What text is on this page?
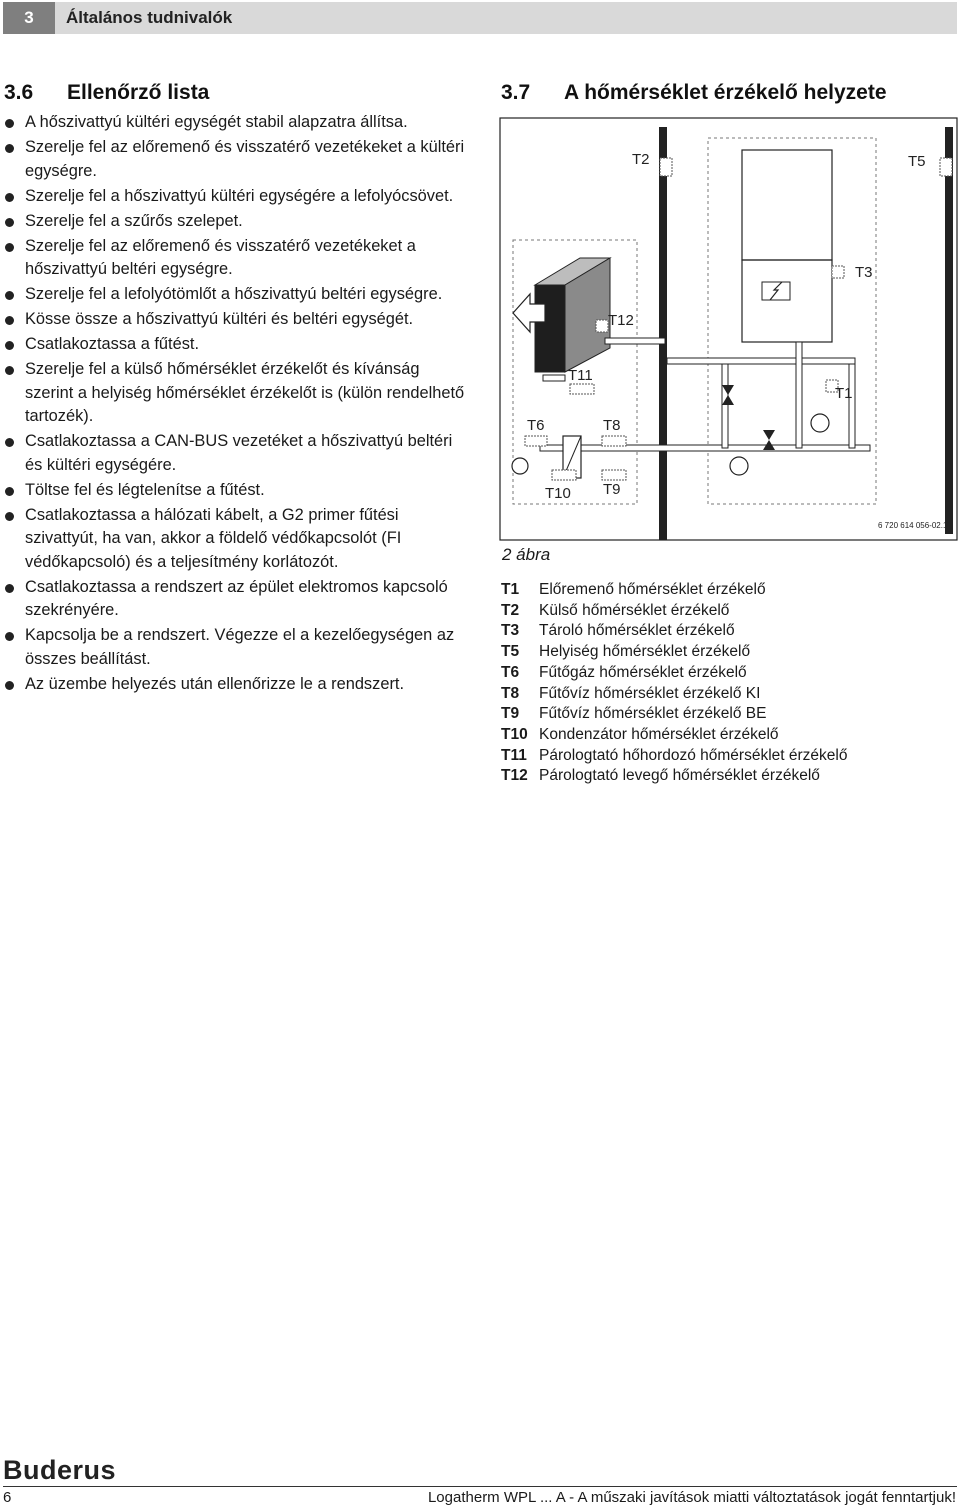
3	Általános tudnivalók
3.6 Ellenőrző lista
A hőszivattyú kültéri egységét stabil alapzatra állítsa.
Szerelje fel az előremenő és visszatérő vezetékeket a kültéri egységre.
Szerelje fel a hőszivattyú kültéri egységére a lefolyócsövet.
Szerelje fel a szűrős szelepet.
Szerelje fel az előremenő és visszatérő vezetékeket a hőszivattyú beltéri egységre.
Szerelje fel a lefolyótömlőt a hőszivattyú beltéri egységre.
Kösse össze a hőszivattyú kültéri és beltéri egységét.
Csatlakoztassa a fűtést.
Szerelje fel a külső hőmérséklet érzékelőt és kívánság szerint a helyiség hőmérséklet érzékelőt is (külön rendelhető tartozék).
Csatlakoztassa a CAN-BUS vezetéket a hőszivattyú beltéri és kültéri egységére.
Töltse fel és légtelenítse a fűtést.
Csatlakoztassa a hálózati kábelt, a G2 primer fűtési szivattyút, ha van, akkor a földelő védőkapcsolót (FI védőkapcsoló) és a teljesítmény korlátozót.
Csatlakoztassa a rendszert az épület elektromos kapcsoló szekrényére.
Kapcsolja be a rendszert. Végezze el a kezelőegységen az összes beállítást.
Az üzembe helyezés után ellenőrizze le a rendszert.
3.7 A hőmérséklet érzékelő helyzete
T2	T5
T3
T12
T11
T1
T6	T8
T10 T9
6 720 614 056-02.1I
2 ábra
T1	Előremenő hőmérséklet érzékelő
T2	Külső hőmérséklet érzékelő
T3	Tároló hőmérséklet érzékelő
T5	Helyiség hőmérséklet érzékelő
T6	Fűtőgáz hőmérséklet érzékelő
T8	Fűtővíz hőmérséklet érzékelő KI
T9	Fűtővíz hőmérséklet érzékelő BE
T10 Kondenzátor hőmérséklet érzékelő
T11 Párologtató hőhordozó hőmérséklet érzékelő
T12 Párologtató levegő hőmérséklet érzékelő
Buderus
6	Logatherm WPL ... A - A műszaki javítások miatti változtatások jogát fenntartjuk!
